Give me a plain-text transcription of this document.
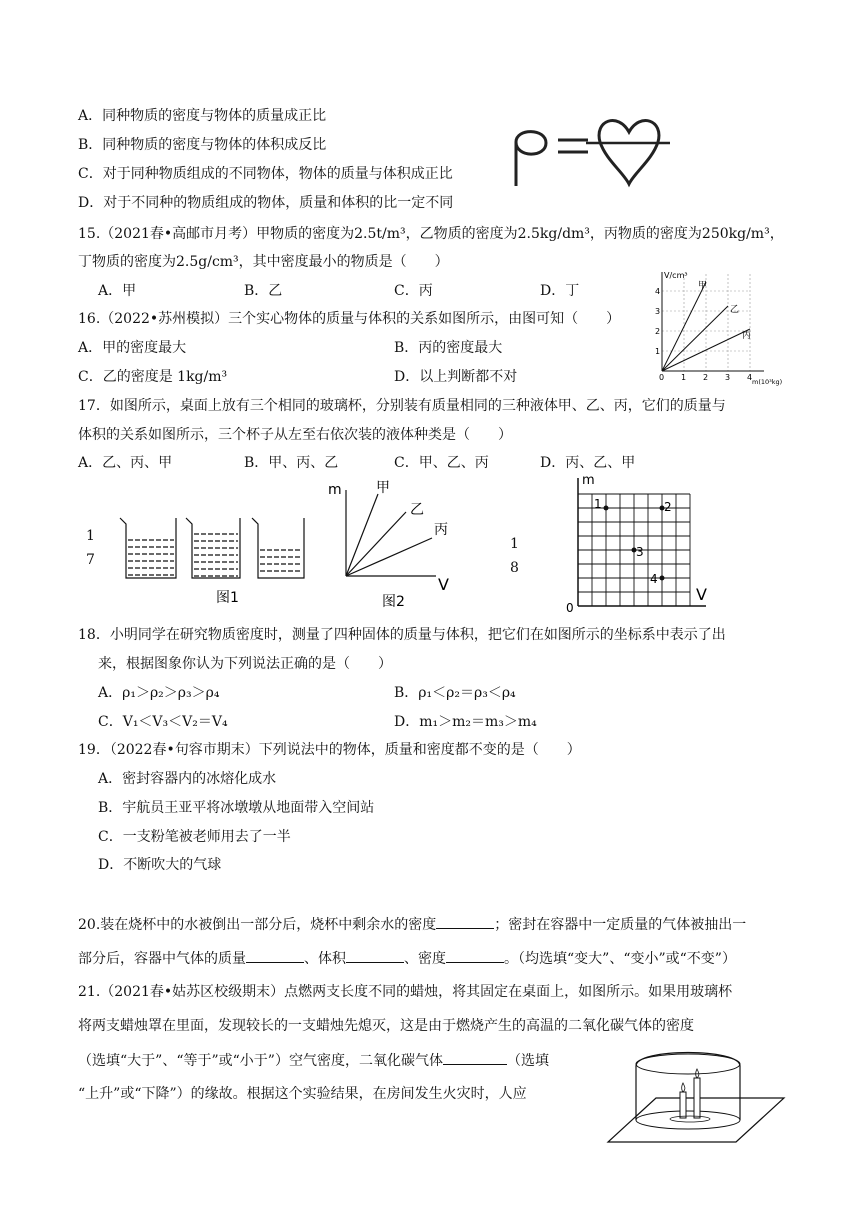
A．同种物质的密度与物体的质量成正比
B．同种物质的密度与物体的体积成反比
C．对于同种物质组成的不同物体，物体的质量与体积成正比
D．对于不同种的物质组成的物体，质量和体积的比一定不同
15.（2021春•高邮市月考）甲物质的密度为2.5t/m³，乙物质的密度为2.5kg/dm³，丙物质的密度为250kg/m³，
丁物质的密度为2.5g/cm³，其中密度最小的物质是（　　）
A．甲	B．乙	C．丙	D．丁
V/cm³
甲
乙
丙
1
2
3
4
0 1 2 3 4 m(10³kg)
16.（2022•苏州模拟）三个实心物体的质量与体积的关系如图所示，由图可知（　　）
A．甲的密度最大	B．丙的密度最大
C．乙的密度是 1kg/m³	D．以上判断都不对
17．如图所示，桌面上放有三个相同的玻璃杯，分别装有质量相同的三种液体甲、乙、丙，它们的质量与
体积的关系如图所示，三个杯子从左至右依次装的液体种类是（　　）
A．乙、丙、甲	B．甲、丙、乙	C．甲、乙、丙	D．丙、乙、甲
1
7
图1
m 甲
乙
丙
V
图2
1
8
m
1	2
3
4
0
V
18．小明同学在研究物质密度时，测量了四种固体的质量与体积，把它们在如图所示的坐标系中表示了出
来，根据图象你认为下列说法正确的是（　　）
A．ρ₁＞ρ₂＞ρ₃＞ρ₄	B．ρ₁＜ρ₂＝ρ₃＜ρ₄
C．V₁＜V₃＜V₂＝V₄	D．m₁＞m₂＝m₃＞m₄
19．（2022春•句容市期末）下列说法中的物体，质量和密度都不变的是（　　）
A．密封容器内的冰熔化成水
B．宇航员王亚平将冰墩墩从地面带入空间站
C．一支粉笔被老师用去了一半
D．不断吹大的气球
20.装在烧杯中的水被倒出一部分后，烧杯中剩余水的密度	；密封在容器中一定质量的气体被抽出一
部分后，容器中气体的质量	、体积	、密度	。（均选填“变大”、“变小”或“不变”）
21.（2021春•姑苏区校级期末）点燃两支长度不同的蜡烛，将其固定在桌面上，如图所示。如果用玻璃杯
将两支蜡烛罩在里面，发现较长的一支蜡烛先熄灭，这是由于燃烧产生的高温的二氧化碳气体的密度
（选填“大于”、“等于”或“小于”）空气密度，二氧化碳气体	（选填
“上升”或“下降”）的缘故。根据这个实验结果，在房间发生火灾时，人应
